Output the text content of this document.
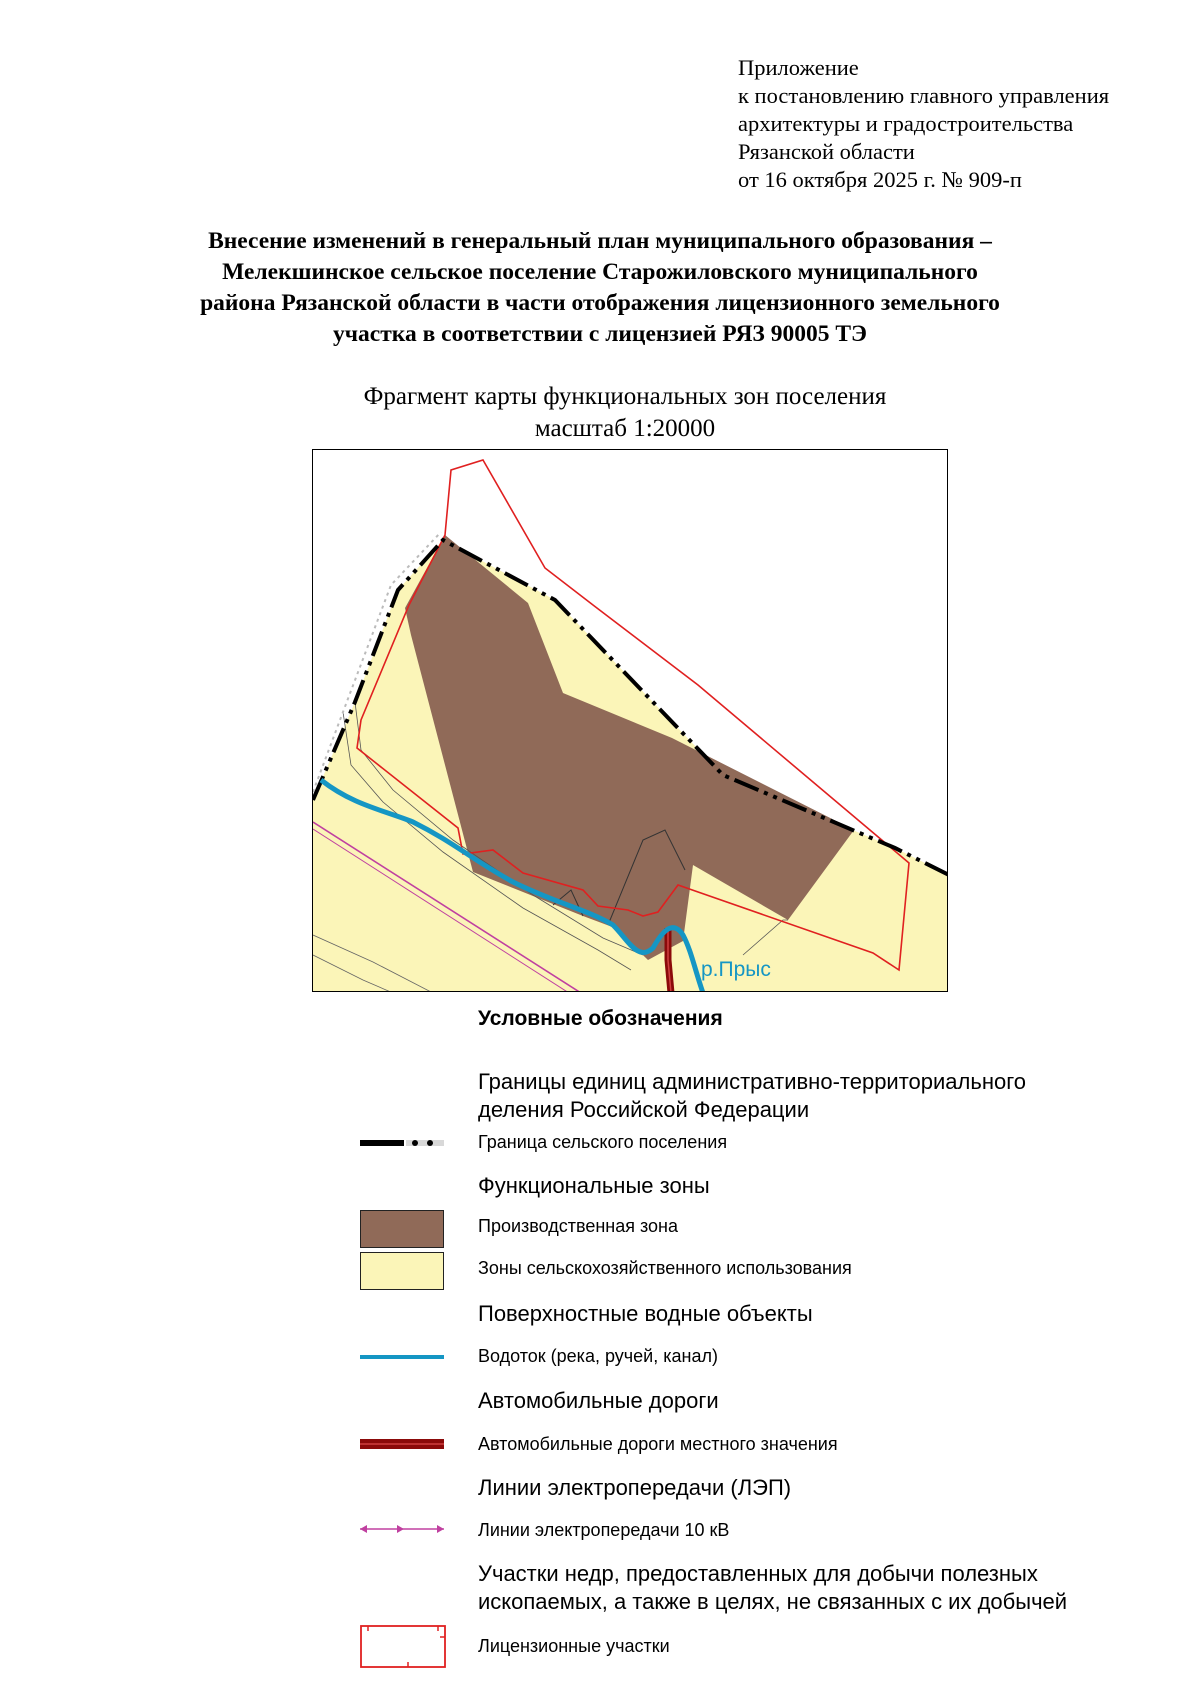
Приложение
к постановлению главного управления
архитектуры и градостроительства
Рязанской области
от 16 октября 2025 г. № 909-п
Внесение изменений в генеральный план муниципального образования –
Мелекшинское сельское поселение Старожиловского муниципального
района Рязанской области в части отображения лицензионного земельного
участка в соответствии с лицензией РЯЗ 90005 ТЭ
Фрагмент карты функциональных зон поселения
масштаб 1:20000
р.Прыс
Условные обозначения
Границы единиц административно-территориального
деления Российской Федерации
Граница сельского поселения
Функциональные зоны
Производственная зона
Зоны сельскохозяйственного использования
Поверхностные водные объекты
Водоток (река, ручей, канал)
Автомобильные дороги
Автомобильные дороги местного значения
Линии электропередачи (ЛЭП)
Линии электропередачи 10 кВ
Участки недр, предоставленных для добычи полезных
ископаемых, а также в целях, не связанных с их добычей
Лицензионные участки
